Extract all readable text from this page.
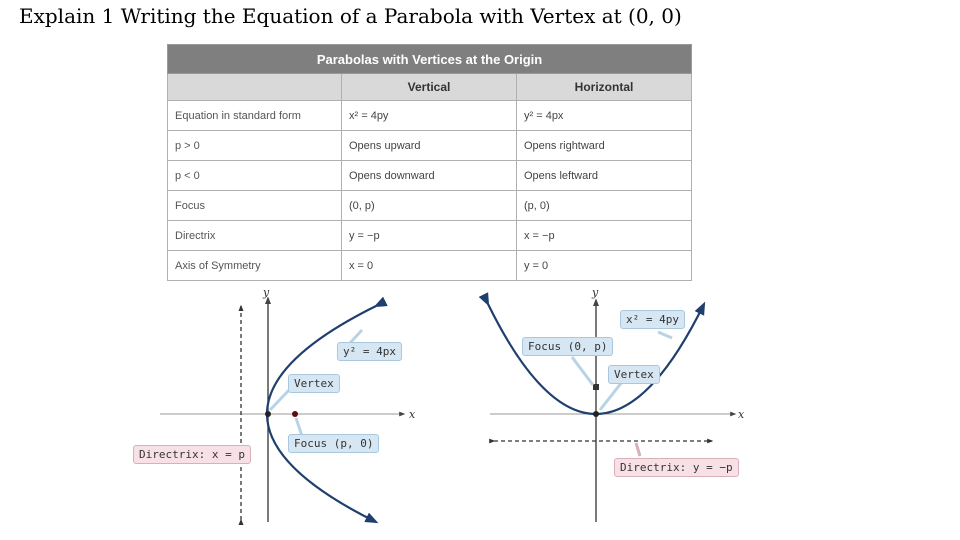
Explain 1 Writing the Equation of a Parabola with Vertex at (0, 0)
Parabolas with Vertices at the Origin		
	Vertical	Horizontal
Equation in standard form	x² = 4py	y² = 4px
p > 0	Opens upward	Opens rightward
p < 0	Opens downward	Opens leftward
Focus	(0, p)	(p, 0)
Directrix	y = −p	x = −p
Axis of Symmetry	x = 0	y = 0
y
x
y² = 4px
Vertex
Focus (p, 0)
Directrix: x = p
y
x
x² = 4py
Focus (0, p)
Vertex
Directrix: y = −p
